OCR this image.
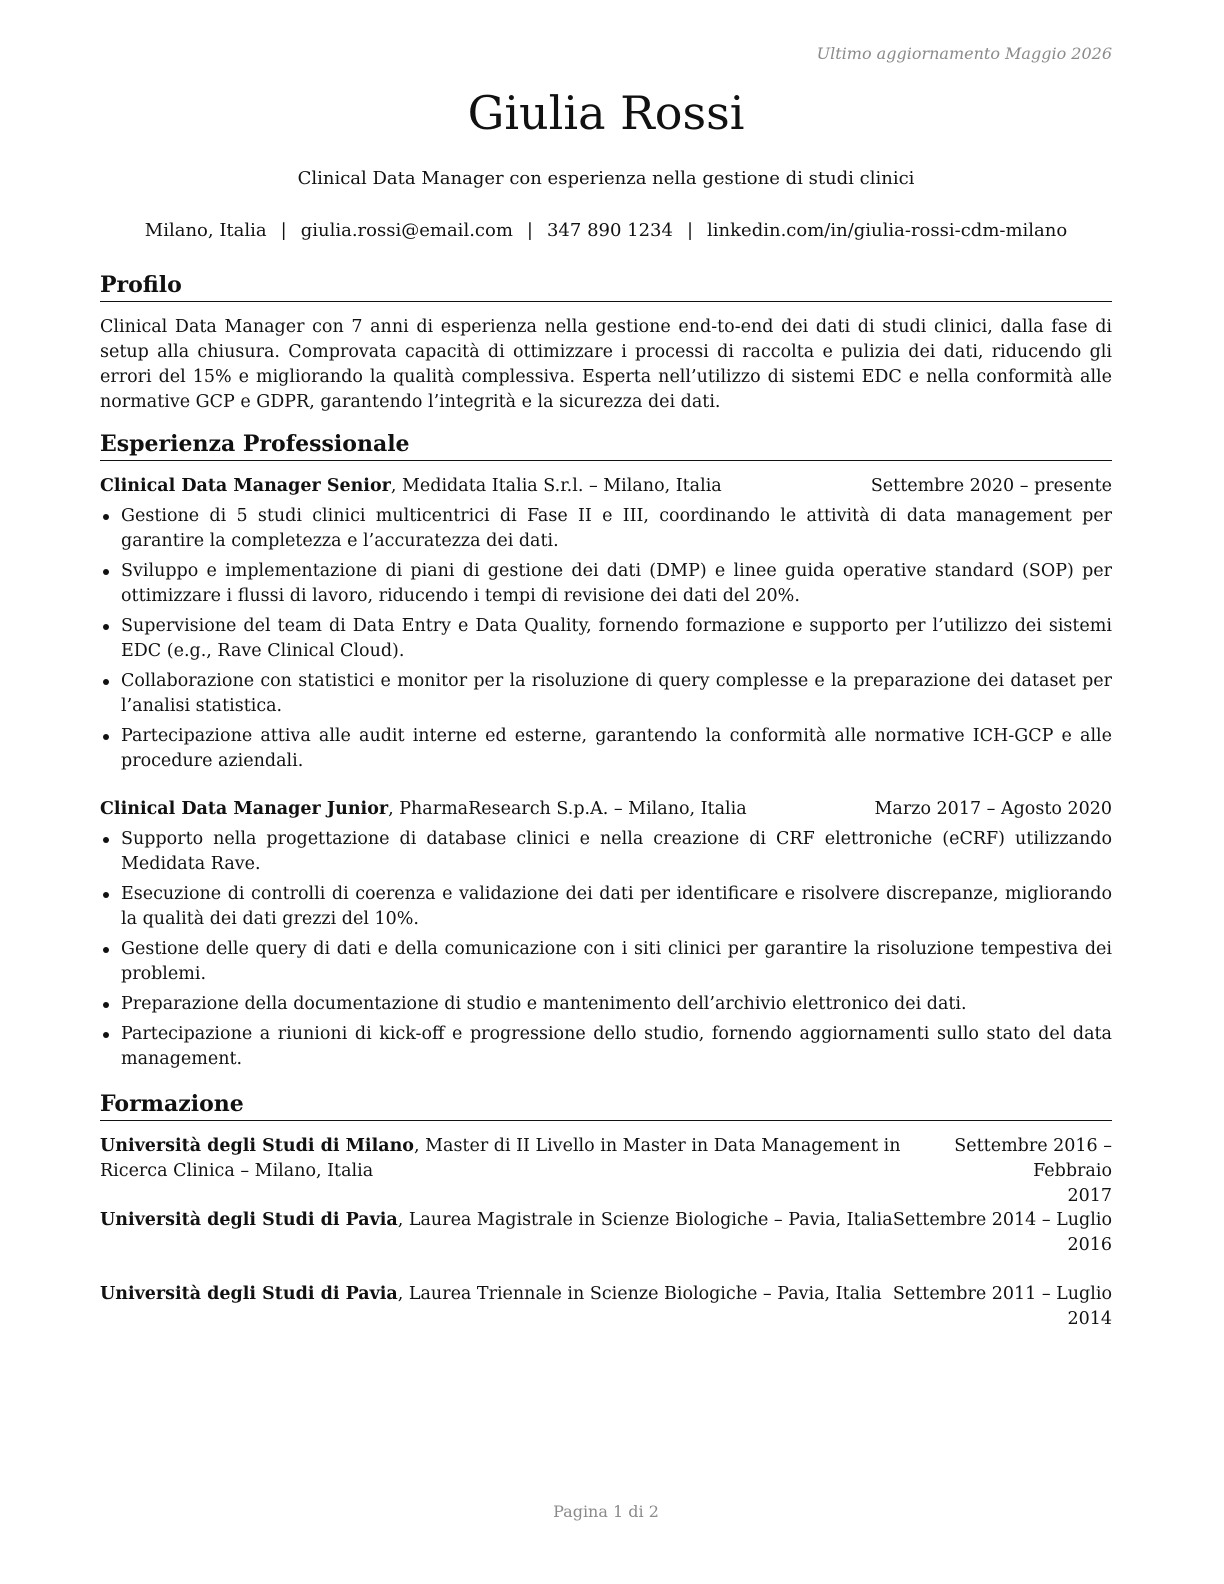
Ultimo aggiornamento Maggio 2026
Giulia Rossi
Clinical Data Manager con esperienza nella gestione di studi clinici
Milano, Italia | giulia.rossi@email.com | 347 890 1234 | linkedin.com/in/giulia-rossi-cdm-milano
Profilo
Clinical Data Manager con 7 anni di esperienza nella gestione end-to-end dei dati di studi clinici, dalla fase di setup alla chiusura. Comprovata capacità di ottimizzare i processi di raccolta e pulizia dei dati, riducendo gli errori del 15% e migliorando la qualità complessiva. Esperta nell’utilizzo di sistemi EDC e nella conformità alle normative GCP e GDPR, garantendo l’integrità e la sicurezza dei dati.
Esperienza Professionale
Clinical Data Manager Senior, Medidata Italia S.r.l. – Milano, Italia	Settembre 2020 – presente
Gestione di 5 studi clinici multicentrici di Fase II e III, coordinando le attività di data management per garantire la completezza e l’accuratezza dei dati.
Sviluppo e implementazione di piani di gestione dei dati (DMP) e linee guida operative standard (SOP) per ottimizzare i flussi di lavoro, riducendo i tempi di revisione dei dati del 20%.
Supervisione del team di Data Entry e Data Quality, fornendo formazione e supporto per l’utilizzo dei sistemi EDC (e.g., Rave Clinical Cloud).
Collaborazione con statistici e monitor per la risoluzione di query complesse e la preparazione dei dataset per l’analisi statistica.
Partecipazione attiva alle audit interne ed esterne, garantendo la conformità alle normative ICH-GCP e alle procedure aziendali.
Clinical Data Manager Junior, PharmaResearch S.p.A. – Milano, Italia	Marzo 2017 – Agosto 2020
Supporto nella progettazione di database clinici e nella creazione di CRF elettroniche (eCRF) utilizzando Medidata Rave.
Esecuzione di controlli di coerenza e validazione dei dati per identificare e risolvere discrepanze, migliorando la qualità dei dati grezzi del 10%.
Gestione delle query di dati e della comunicazione con i siti clinici per garantire la risoluzione tempestiva dei problemi.
Preparazione della documentazione di studio e mantenimento dell’archivio elettronico dei dati.
Partecipazione a riunioni di kick-off e progressione dello studio, fornendo aggiornamenti sullo stato del data management.
Formazione
Università degli Studi di Milano, Master di II Livello in Master in Data Management in
Ricerca Clinica – Milano, Italia
Settembre 2016 – Febbraio
2017
Università degli Studi di Pavia, Laurea Magistrale in Scienze Biologiche – Pavia, Italia Settembre 2014 – Luglio
2016
Università degli Studi di Pavia, Laurea Triennale in Scienze Biologiche – Pavia, Italia Settembre 2011 – Luglio
2014
Pagina 1 di 2
